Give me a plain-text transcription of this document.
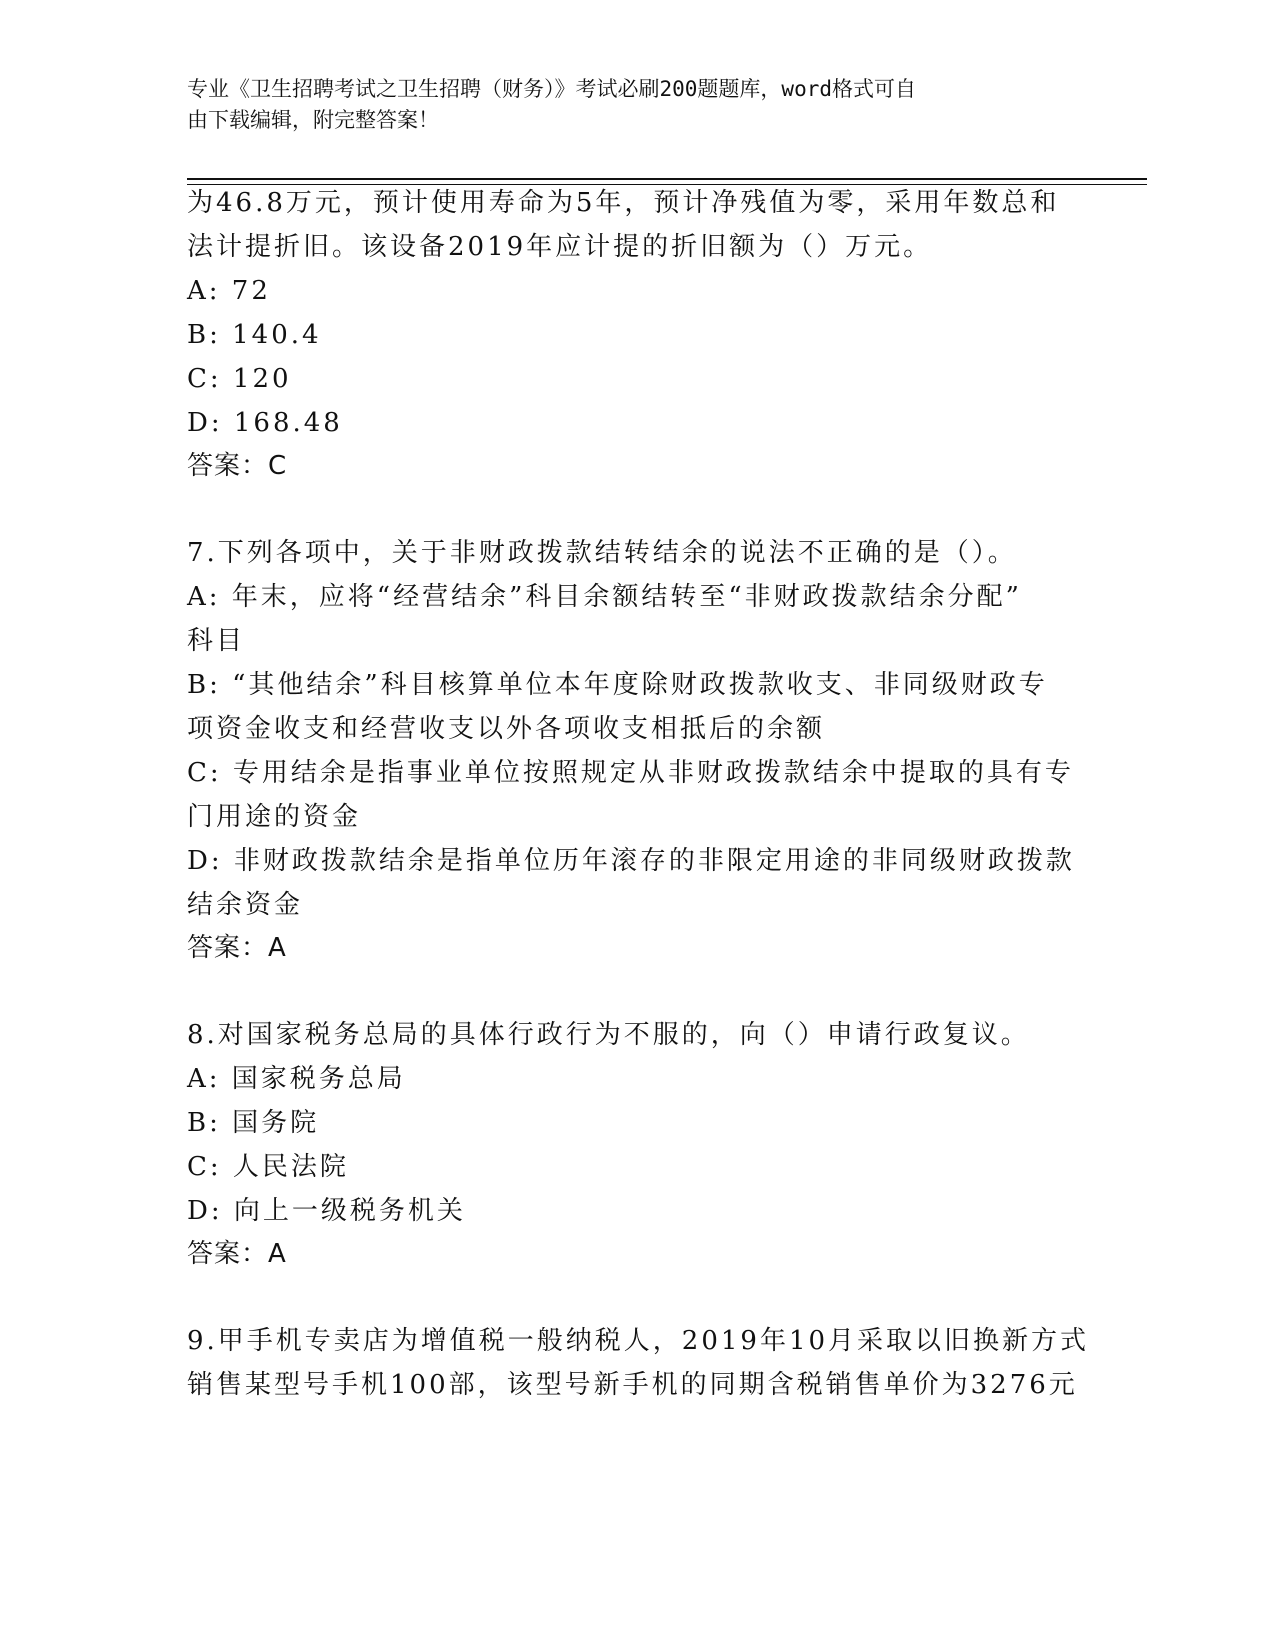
专业《卫生招聘考试之卫生招聘（财务）》考试必刷200题题库，word格式可自
由下载编辑，附完整答案！
为46.8万元，预计使用寿命为5年，预计净残值为零，采用年数总和
法计提折旧。该设备2019年应计提的折旧额为（）万元。
A: 72
B: 140.4
C: 120
D: 168.48
答案：C
7.下列各项中，关于非财政拨款结转结余的说法不正确的是（）。
A: 年末，应将“经营结余”科目余额结转至“非财政拨款结余分配”
科目
B: “其他结余”科目核算单位本年度除财政拨款收支、非同级财政专
项资金收支和经营收支以外各项收支相抵后的余额
C: 专用结余是指事业单位按照规定从非财政拨款结余中提取的具有专
门用途的资金
D: 非财政拨款结余是指单位历年滚存的非限定用途的非同级财政拨款
结余资金
答案：A
8.对国家税务总局的具体行政行为不服的，向（）申请行政复议。
A: 国家税务总局
B: 国务院
C: 人民法院
D: 向上一级税务机关
答案：A
9.甲手机专卖店为增值税一般纳税人，2019年10月采取以旧换新方式
销售某型号手机100部，该型号新手机的同期含税销售单价为3276元
